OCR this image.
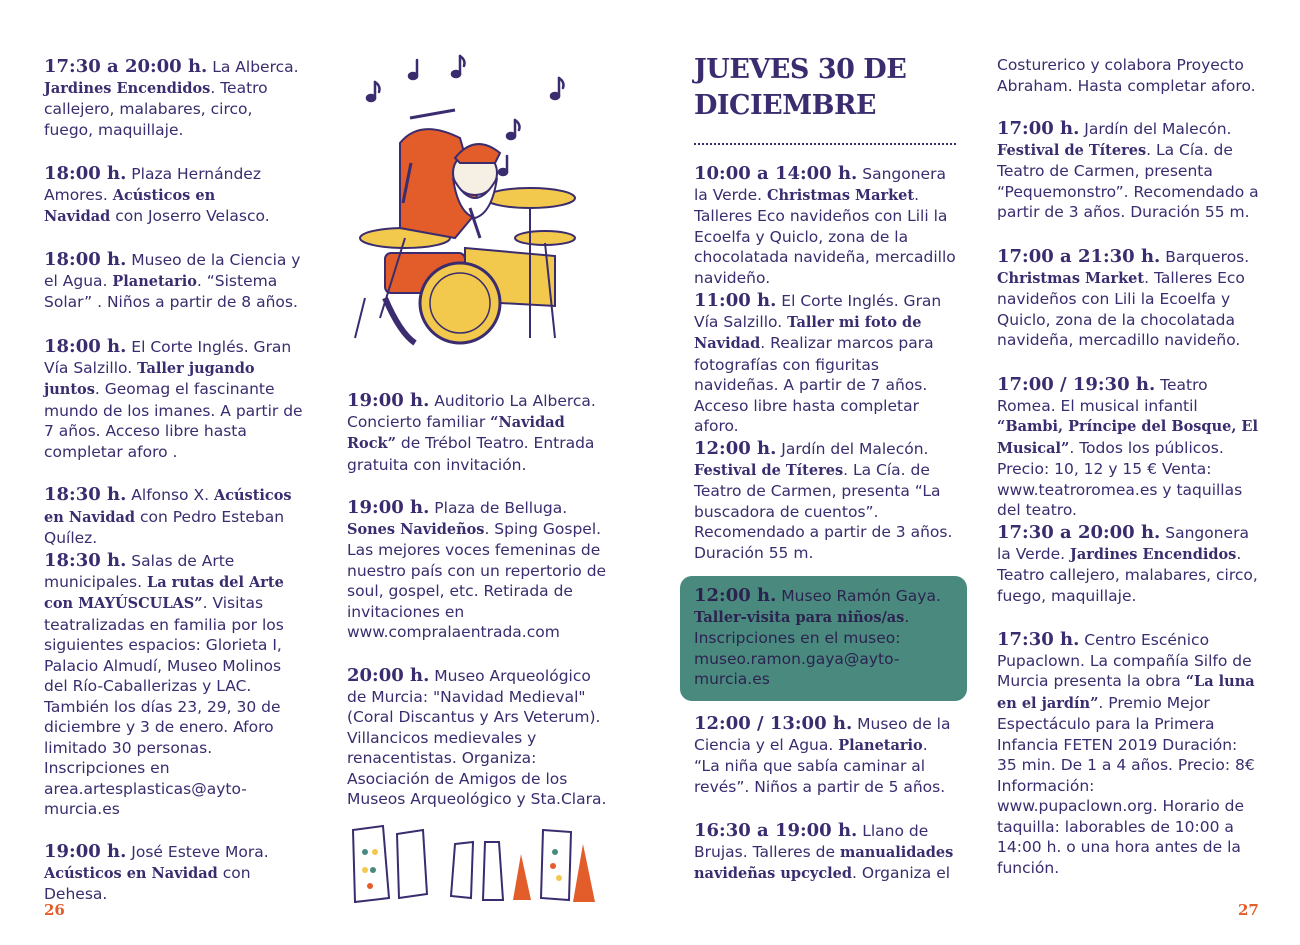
17:30 a 20:00 h. La Alberca. Jardines Encendidos. Teatro callejero, malabares, circo, fuego, maquillaje.

18:00 h. Plaza Hernández Amores. Acústicos en Navidad con Joserro Velasco.

18:00 h. Museo de la Ciencia y el Agua. Planetario. “Sistema Solar” . Niños a partir de 8 años.

18:00 h. El Corte Inglés. Gran Vía Salzillo. Taller jugando juntos. Geomag el fascinante mundo de los imanes. A partir de 7 años. Acceso libre hasta completar aforo .

18:30 h. Alfonso X. Acústicos en Navidad con Pedro Esteban Quílez.

18:30 h. Salas de Arte municipales. La rutas del Arte con MAYÚSCULAS”. Visitas teatralizadas en familia por los siguientes espacios: Glorieta I, Palacio Almudí, Museo Molinos del Río-Caballerizas y LAC. También los días 23, 29, 30 de diciembre y 3 de enero. Aforo limitado 30 personas. Inscripciones en area.artesplasticas@ayto-murcia.es

19:00 h. José Esteve Mora. Acústicos en Navidad con Dehesa.

19:00 h. Auditorio La Alberca. Concierto familiar “Navidad Rock” de Trébol Teatro. Entrada gratuita con invitación.

19:00 h. Plaza de Belluga. Sones Navideños. Sping Gospel. Las mejores voces femeninas de nuestro país con un repertorio de soul, gospel, etc. Retirada de invitaciones en www.compralaentrada.com

20:00 h. Museo Arqueológico de Murcia: "Navidad Medieval" (Coral Discantus y Ars Veterum). Villancicos medievales y renacentistas. Organiza: Asociación de Amigos de los Museos Arqueológico y Sta.Clara.

JUEVES 30 DE DICIEMBRE

10:00 a 14:00 h. Sangonera la Verde. Christmas Market. Talleres Eco navideños con Lili la Ecoelfa y Quiclo, zona de la chocolatada navideña, mercadillo navideño.

11:00 h. El Corte Inglés. Gran Vía Salzillo. Taller mi foto de Navidad. Realizar marcos para fotografías con figuritas navideñas. A partir de 7 años. Acceso libre hasta completar aforo.

12:00 h. Jardín del Malecón. Festival de Títeres. La Cía. de Teatro de Carmen, presenta “La buscadora de cuentos”. Recomendado a partir de 3 años. Duración 55 m.

12:00 h. Museo Ramón Gaya. Taller-visita para niños/as. Inscripciones en el museo: museo.ramon.gaya@ayto-murcia.es

12:00 / 13:00 h. Museo de la Ciencia y el Agua. Planetario. “La niña que sabía caminar al revés”. Niños a partir de 5 años.

16:30 a 19:00 h. Llano de Brujas. Talleres de manualidades navideñas upcycled. Organiza el

Costurerico y colabora Proyecto Abraham. Hasta completar aforo.

17:00 h. Jardín del Malecón. Festival de Títeres. La Cía. de Teatro de Carmen, presenta “Pequemonstro”. Recomendado a partir de 3 años. Duración 55 m.

17:00 a 21:30 h. Barqueros. Christmas Market. Talleres Eco navideños con Lili la Ecoelfa y Quiclo, zona de la chocolatada navideña, mercadillo navideño.

17:00 / 19:30 h. Teatro Romea. El musical infantil “Bambi, Príncipe del Bosque, El Musical”. Todos los públicos. Precio: 10, 12 y 15 € Venta: www.teatroromea.es y taquillas del teatro.

17:30 a 20:00 h. Sangonera la Verde. Jardines Encendidos. Teatro callejero, malabares, circo, fuego, maquillaje.

17:30 h. Centro Escénico Pupaclown. La compañía Silfo de Murcia presenta la obra “La luna en el jardín”. Premio Mejor Espectáculo para la Primera Infancia FETEN 2019 Duración: 35 min. De 1 a 4 años. Precio: 8€ Información: www.pupaclown.org. Horario de taquilla: laborables de 10:00 a 14:00 h. o una hora antes de la función.

26	27
